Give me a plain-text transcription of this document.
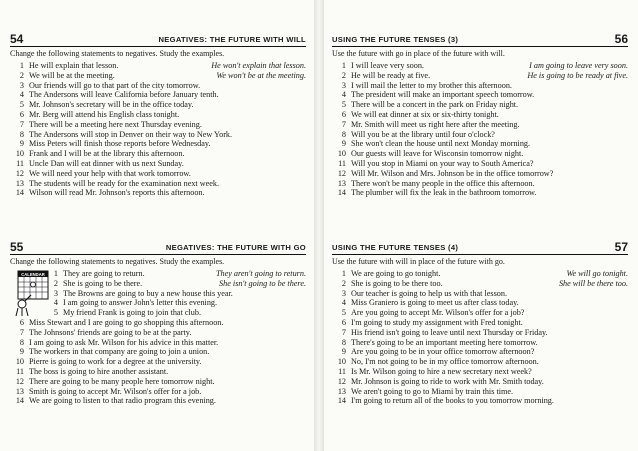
54	NEGATIVES: THE FUTURE WITH WILL
Change the following statements to negatives. Study the examples.
1 He will explain that lesson.	He won't explain that lesson.
2 We will be at the meeting.	We won't be at the meeting.
3 Our friends will go to that part of the city tomorrow.
4 The Andersons will leave California before January tenth.
5 Mr. Johnson's secretary will be in the office today.
6 Mr. Berg will attend his English class tonight.
7 There will be a meeting here next Thursday evening.
8 The Andersons will stop in Denver on their way to New York.
9 Miss Peters will finish those reports before Wednesday.
10 Frank and I will be at the library this afternoon.
11 Uncle Dan will eat dinner with us next Sunday.
12 We will need your help with that work tomorrow.
13 The students will be ready for the examination next week.
14 Wilson will read Mr. Johnson's reports this afternoon.
55	NEGATIVES: THE FUTURE WITH GO
Change the following statements to negatives. Study the examples.
CALENDAR	1 They are going to return.	They aren't going to return.
2 She is going to be there.	She isn't going to be there.
3 The Browns are going to buy a new house this year.
4 I am going to answer John's letter this evening.
5 My friend Frank is going to join that club.
6 Miss Stewart and I are going to go shopping this afternoon.
7 The Johnsons' friends are going to be at the party.
8 I am going to ask Mr. Wilson for his advice in this matter.
9 The workers in that company are going to join a union.
10 Pierre is going to work for a degree at the university.
11 The boss is going to hire another assistant.
12 There are going to be many people here tomorrow night.
13 Smith is going to accept Mr. Wilson's offer for a job.
14 We are going to listen to that radio program this evening.
USING THE FUTURE TENSES (3)	56
Use the future with go in place of the future with will.
1 I will leave very soon.	I am going to leave very soon.
2 He will be ready at five.	He is going to be ready at five.
3 I will mail the letter to my brother this afternoon.
4 The president will make an important speech tomorrow.
5 There will be a concert in the park on Friday night.
6 We will eat dinner at six or six-thirty tonight.
7 Mr. Smith will meet us right here after the meeting.
8 Will you be at the library until four o'clock?
9 She won't clean the house until next Monday morning.
10 Our guests will leave for Wisconsin tomorrow night.
11 Will you stop in Miami on your way to South America?
12 Will Mr. Wilson and Mrs. Johnson be in the office tomorrow?
13 There won't be many people in the office this afternoon.
14 The plumber will fix the leak in the bathroom tomorrow.
USING THE FUTURE TENSES (4)	57
Use the future with will in place of the future with go.
1 We are going to go tonight.	We will go tonight.
2 She is going to be there too.	She will be there too.
3 Our teacher is going to help us with that lesson.
4 Miss Graniero is going to meet us after class today.
5 Are you going to accept Mr. Wilson's offer for a job?
6 I'm going to study my assignment with Fred tonight.
7 His friend isn't going to leave until next Thursday or Friday.
8 There's going to be an important meeting here tomorrow.
9 Are you going to be in your office tomorrow afternoon?
10 No, I'm not going to be in my office tomorrow afternoon.
11 Is Mr. Wilson going to hire a new secretary next week?
12 Mr. Johnson is going to ride to work with Mr. Smith today.
13 We aren't going to go to Miami by train this time.
14 I'm going to return all of the books to you tomorrow morning.
